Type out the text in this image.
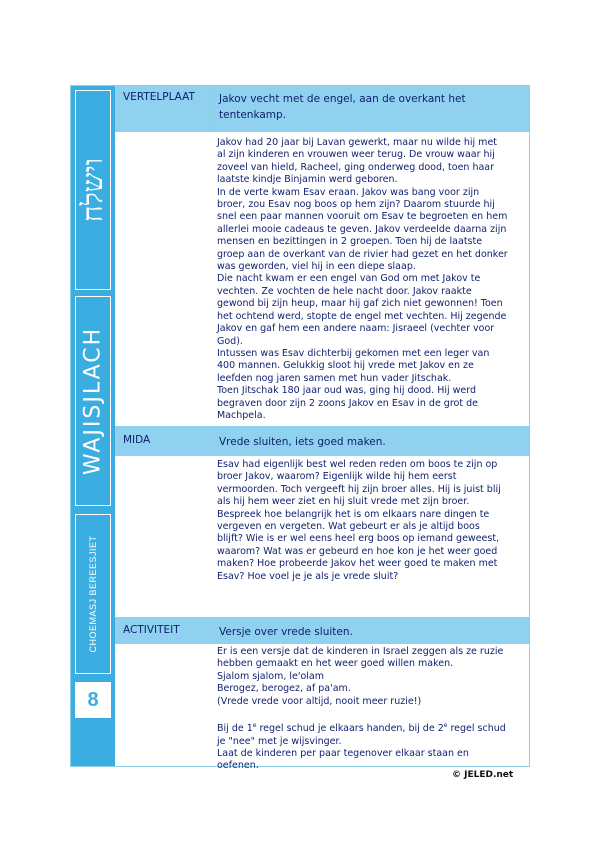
וישלח
WAJISJLACH
CHOEMASJ BEREESJIET
8
VERTELPLAAT Jakov vecht met de engel, aan de overkant het tentenkamp.

Jakov had 20 jaar bij Lavan gewerkt, maar nu wilde hij met

al zijn kinderen en vrouwen weer terug. De vrouw waar hij

zoveel van hield, Racheel, ging onderweg dood, toen haar

laatste kindje Binjamin werd geboren.

In de verte kwam Esav eraan. Jakov was bang voor zijn

broer, zou Esav nog boos op hem zijn? Daarom stuurde hij

snel een paar mannen vooruit om Esav te begroeten en hem

allerlei mooie cadeaus te geven. Jakov verdeelde daarna zijn

mensen en bezittingen in 2 groepen. Toen hij de laatste

groep aan de overkant van de rivier had gezet en het donker

was geworden, viel hij in een diepe slaap.

Die nacht kwam er een engel van God om met Jakov te

vechten. Ze vochten de hele nacht door. Jakov raakte

gewond bij zijn heup, maar hij gaf zich niet gewonnen! Toen

het ochtend werd, stopte de engel met vechten. Hij zegende

Jakov en gaf hem een andere naam: Jisraeel (vechter voor

God).

Intussen was Esav dichterbij gekomen met een leger van

400 mannen. Gelukkig sloot hij vrede met Jakov en ze

leefden nog jaren samen met hun vader Jitschak.

Toen Jitschak 180 jaar oud was, ging hij dood. Hij werd

begraven door zijn 2 zoons Jakov en Esav in de grot de

Machpela.

MIDA	Vrede sluiten, iets goed maken.

Esav had eigenlijk best wel reden reden om boos te zijn op

broer Jakov, waarom? Eigenlijk wilde hij hem eerst

vermoorden. Toch vergeeft hij zijn broer alles. Hij is juist blij

als hij hem weer ziet en hij sluit vrede met zijn broer.

Bespreek hoe belangrijk het is om elkaars nare dingen te

vergeven en vergeten. Wat gebeurt er als je altijd boos

blijft? Wie is er wel eens heel erg boos op iemand geweest,

waarom? Wat was er gebeurd en hoe kon je het weer goed

maken? Hoe probeerde Jakov het weer goed te maken met

Esav? Hoe voel je je als je vrede sluit?

ACTIVITEIT	Versje over vrede sluiten.

Er is een versje dat de kinderen in Israel zeggen als ze ruzie

hebben gemaakt en het weer goed willen maken.

Sjalom sjalom, le'olam

Berogez, berogez, af pa'am.

(Vrede vrede voor altijd, nooit meer ruzie!)

Bij de 1e regel schud je elkaars handen, bij de 2e regel schud

je "nee" met je wijsvinger.

Laat de kinderen per paar tegenover elkaar staan en

oefenen.

© JELED.net
